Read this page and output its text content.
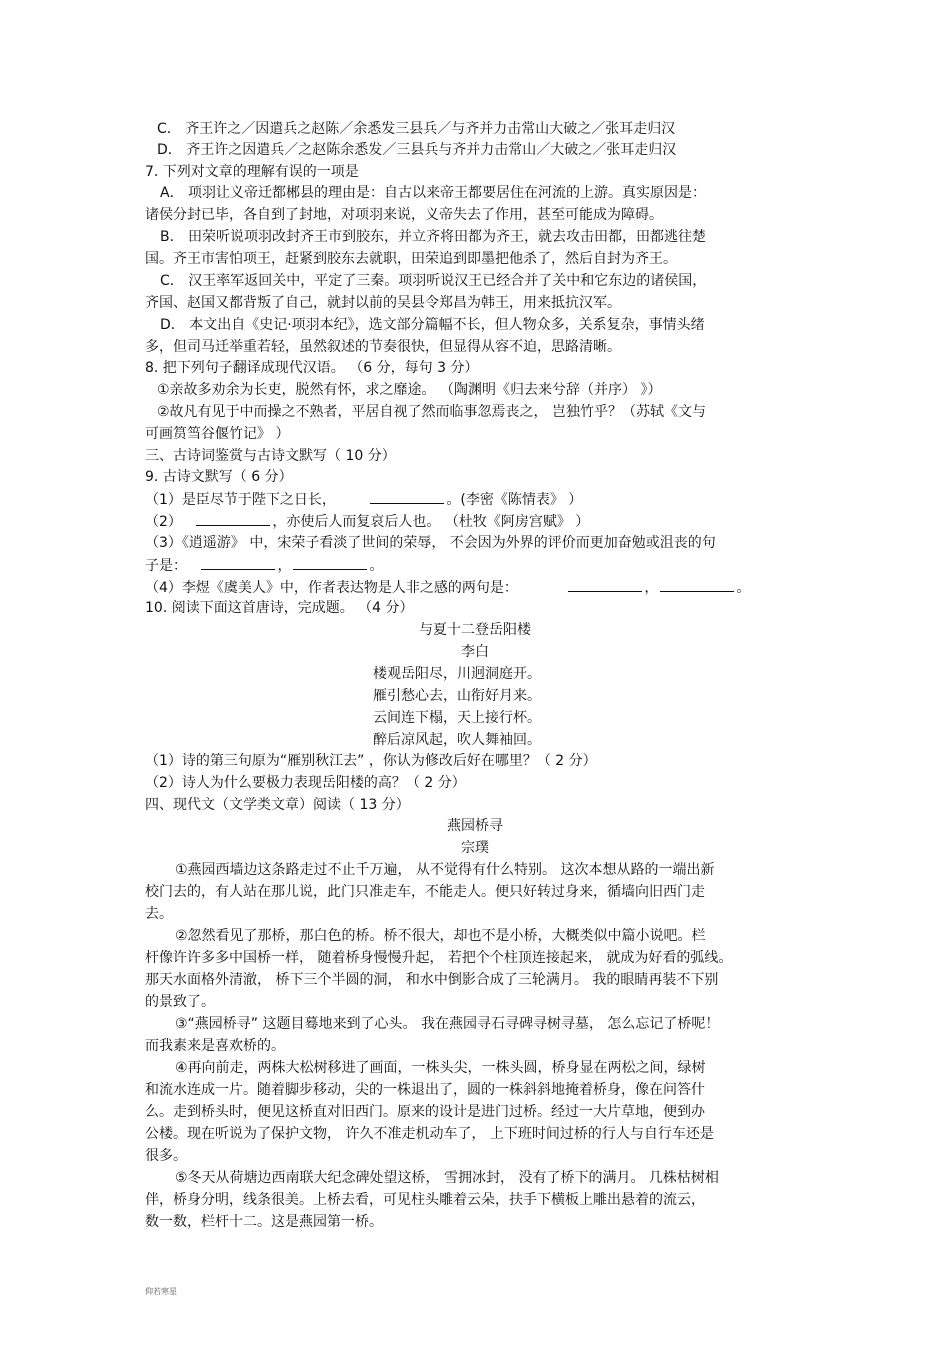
C． 齐王许之／因遣兵之赵陈／余悉发三县兵／与齐并力击常山大破之／张耳走归汉
D． 齐王许之因遣兵／之赵陈余悉发／三县兵与齐并力击常山／大破之／张耳走归汉
7. 下列对文章的理解有误的一项是
A． 项羽让义帝迁都郴县的理由是：自古以来帝王都要居住在河流的上游。真实原因是：
诸侯分封已毕，各自到了封地，对项羽来说，义帝失去了作用，甚至可能成为障碍。
B． 田荣听说项羽改封齐王市到胶东，并立齐将田都为齐王，就去攻击田都，田都逃往楚
国。齐王市害怕项王，赶紧到胶东去就职，田荣追到即墨把他杀了，然后自封为齐王。
C． 汉王率军返回关中，平定了三秦。项羽听说汉王已经合并了关中和它东边的诸侯国，
齐国、赵国又都背叛了自己，就封以前的吴县令郑昌为韩王，用来抵抗汉军。
D． 本文出自《史记·项羽本纪》，选文部分篇幅不长，但人物众多，关系复杂，事情头绪
多，但司马迁举重若轻，虽然叙述的节奏很快，但显得从容不迫，思路清晰。
8. 把下列句子翻译成现代汉语。 （6 分，每句 3 分）
①亲故多劝余为长吏，脱然有怀，求之靡途。 （陶渊明《归去来兮辞（并序） 》）
②故凡有见于中而操之不熟者，平居自视了然而临事忽焉丧之， 岂独竹乎？（苏轼《文与
可画筼筜谷偃竹记》 ）
三、古诗词鉴赏与古诗文默写（ 10 分）
9. 古诗文默写（ 6 分）
（1）是臣尽节于陛下之日长，	。(李密《陈情表》 ）
（2）	，亦使后人而复哀后人也。 （杜牧《阿房宫赋》 ）
（3）《逍遥游》 中，宋荣子看淡了世间的荣辱， 不会因为外界的评价而更加奋勉或沮丧的句
子是：	，	。
（4）李煜《虞美人》中，作者表达物是人非之感的两句是：	，	。
10. 阅读下面这首唐诗，完成题。 （4 分）
与夏十二登岳阳楼
李白
楼观岳阳尽，川迥洞庭开。
雁引愁心去，山衔好月来。
云间连下榻，天上接行杯。
醉后凉风起，吹人舞袖回。
（1）诗的第三句原为“雁别秋江去” ，你认为修改后好在哪里？（ 2 分）
（2）诗人为什么要极力表现岳阳楼的高？（ 2 分）
四、现代文（文学类文章）阅读（ 13 分）
燕园桥寻
宗璞
①燕园西墙边这条路走过不止千万遍， 从不觉得有什么特别。 这次本想从路的一端出新
校门去的，有人站在那儿说，此门只准走车，不能走人。便只好转过身来，循墙向旧西门走
去。
②忽然看见了那桥，那白色的桥。桥不很大，却也不是小桥，大概类似中篇小说吧。栏
杆像许许多多中国桥一样， 随着桥身慢慢升起， 若把个个柱顶连接起来， 就成为好看的弧线。
那天水面格外清澈， 桥下三个半圆的洞， 和水中倒影合成了三轮满月。 我的眼睛再装不下别
的景致了。
③“燕园桥寻” 这题目蓦地来到了心头。 我在燕园寻石寻碑寻树寻墓， 怎么忘记了桥呢！
而我素来是喜欢桥的。
④再向前走，两株大松树移进了画面，一株头尖，一株头圆，桥身显在两松之间，绿树
和流水连成一片。随着脚步移动，尖的一株退出了，圆的一株斜斜地掩着桥身，像在问答什
么。走到桥头时，便见这桥直对旧西门。原来的设计是进门过桥。经过一大片草地，便到办
公楼。现在听说为了保护文物， 许久不准走机动车了， 上下班时间过桥的行人与自行车还是
很多。
⑤冬天从荷塘边西南联大纪念碑处望这桥， 雪拥冰封， 没有了桥下的满月。 几株枯树相
伴，桥身分明，线条很美。上桥去看，可见柱头雕着云朵，扶手下横板上雕出悬着的流云，
数一数，栏杆十二。这是燕园第一桥。
仰若寒星
